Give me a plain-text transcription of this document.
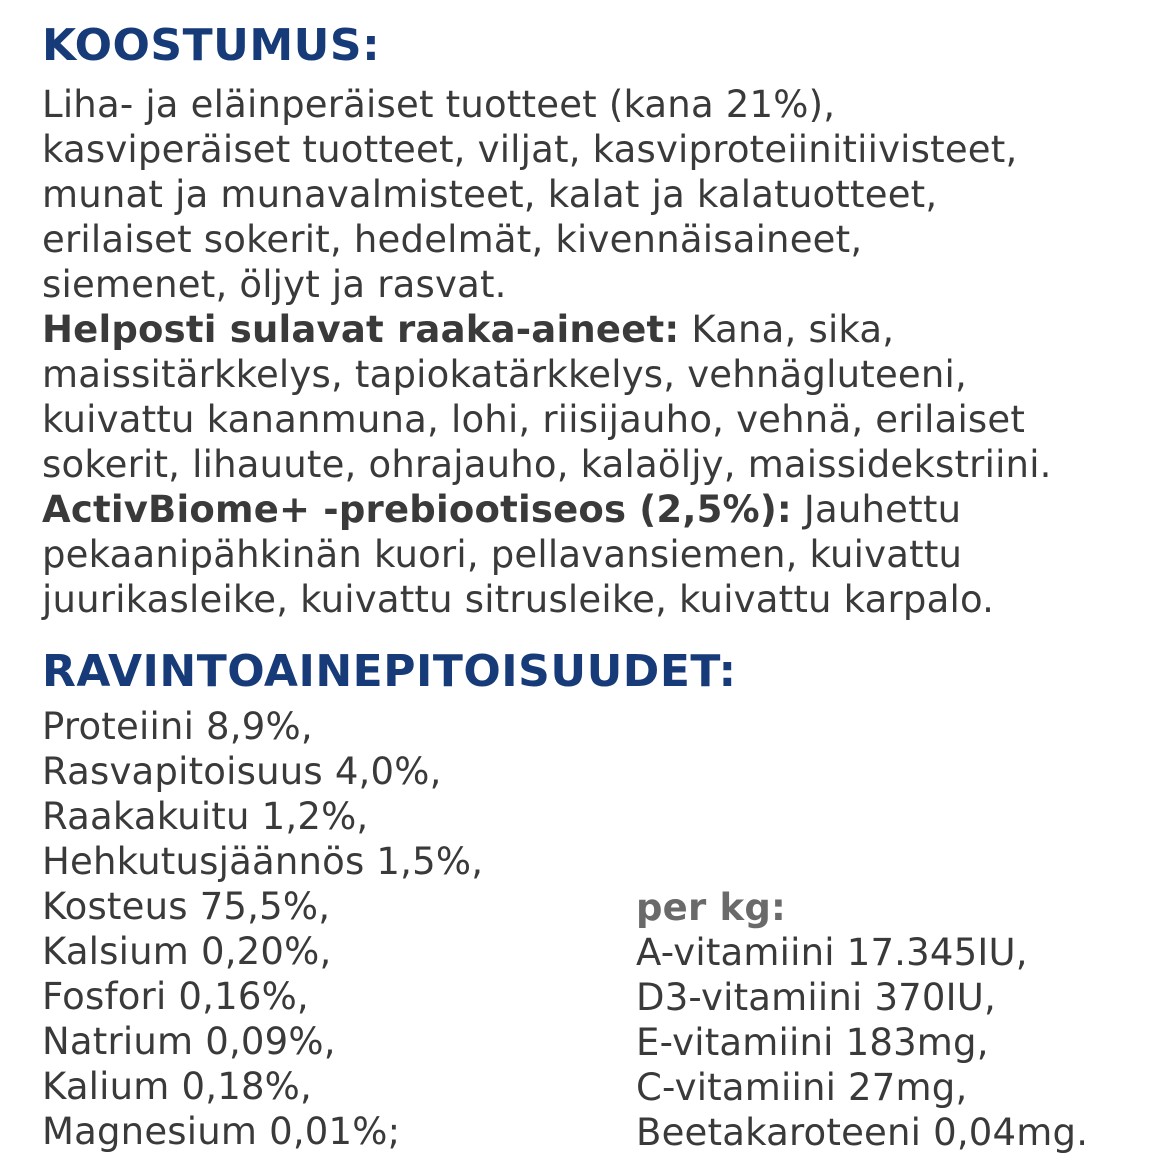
KOOSTUMUS:
Liha- ja eläinperäiset tuotteet (kana 21%),
kasviperäiset tuotteet, viljat, kasviproteiinitiivisteet,
munat ja munavalmisteet, kalat ja kalatuotteet,
erilaiset sokerit, hedelmät, kivennäisaineet,
siemenet, öljyt ja rasvat.
Helposti sulavat raaka-aineet: Kana, sika,
maissitärkkelys, tapiokatärkkelys, vehnägluteeni,
kuivattu kananmuna, lohi, riisijauho, vehnä, erilaiset
sokerit, lihauute, ohrajauho, kalaöljy, maissidekstriini.
ActivBiome+ -prebiootiseos (2,5%): Jauhettu
pekaanipähkinän kuori, pellavansiemen, kuivattu
juurikasleike, kuivattu sitrusleike, kuivattu karpalo.
RAVINTOAINEPITOISUUDET:
Proteiini 8,9%,
Rasvapitoisuus 4,0%,
Raakakuitu 1,2%,
Hehkutusjäännös 1,5%,
Kosteus 75,5%,
Kalsium 0,20%,
Fosfori 0,16%,
Natrium 0,09%,
Kalium 0,18%,
Magnesium 0,01%;
per kg:
A-vitamiini 17.345IU,
D3-vitamiini 370IU,
E-vitamiini 183mg,
C-vitamiini 27mg,
Beetakaroteeni 0,04mg.
